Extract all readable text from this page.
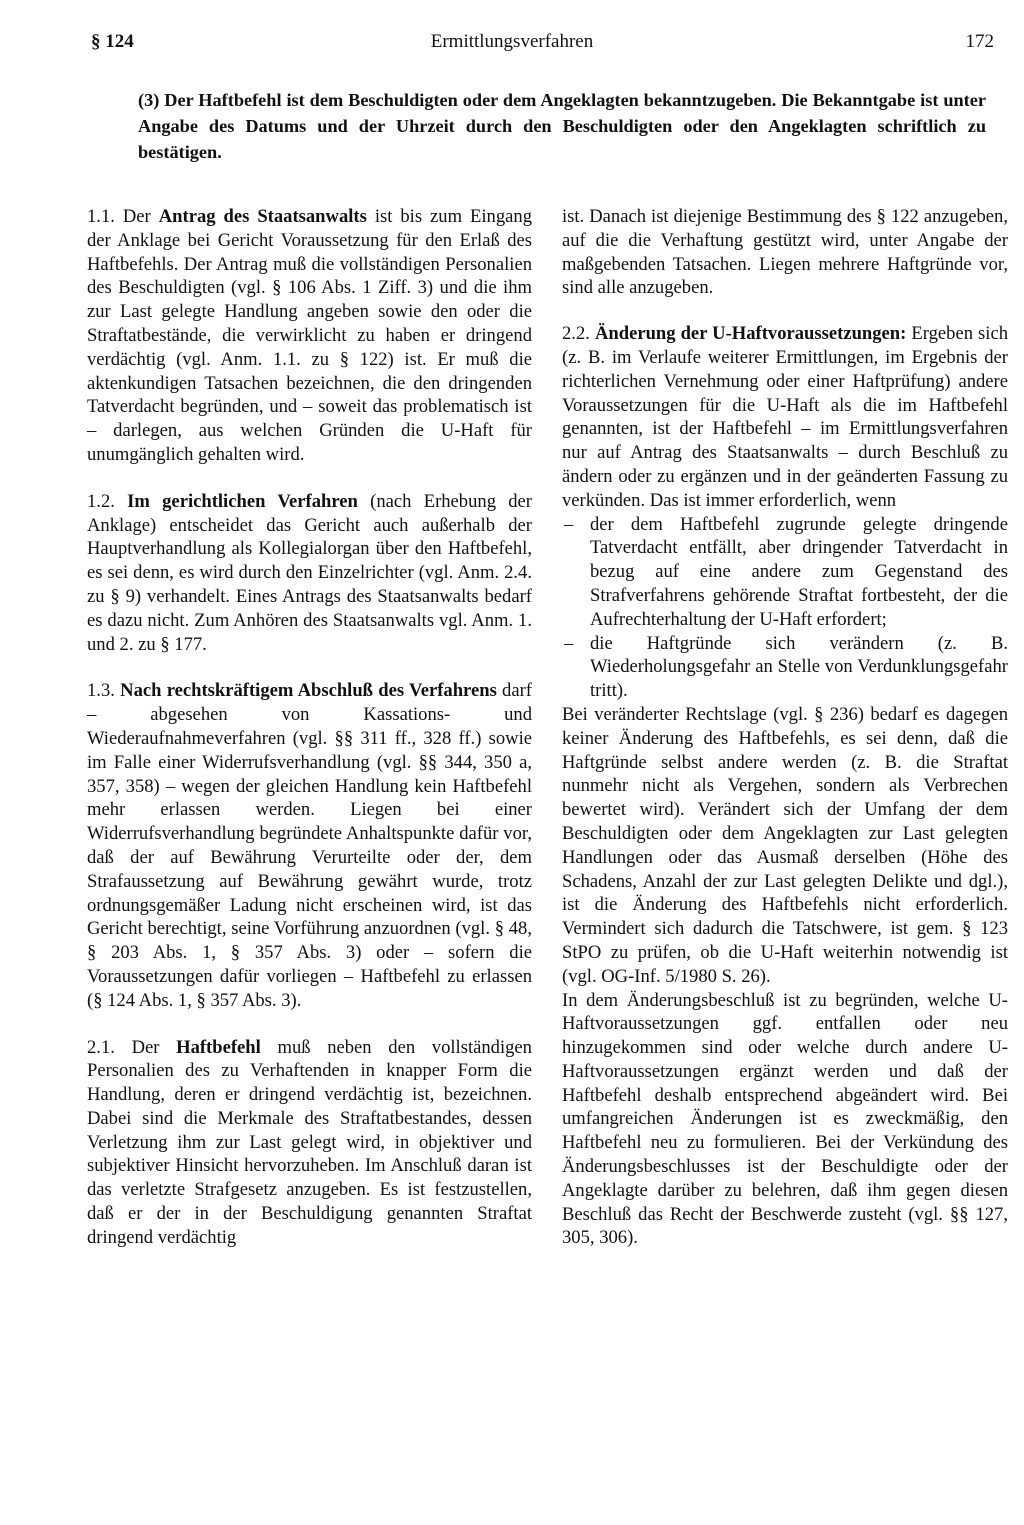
Ermittlungsverfahren
§ 124	172

(3) Der Haftbefehl ist dem Beschuldigten oder dem Angeklagten bekanntzugeben. Die Bekanntgabe ist unter Angabe des Datums und der Uhrzeit durch den Beschuldigten oder den Angeklagten schriftlich zu bestätigen.

1.1. Der Antrag des Staatsanwalts ist bis zum Eingang der Anklage bei Gericht Voraussetzung für den Erlaß des Haftbefehls. Der Antrag muß die vollständigen Personalien des Beschuldigten (vgl. § 106 Abs. 1 Ziff. 3) und die ihm zur Last gelegte Handlung angeben sowie den oder die Straftatbestände, die verwirklicht zu haben er dringend verdächtig (vgl. Anm. 1.1. zu § 122) ist. Er muß die aktenkundigen Tatsachen bezeichnen, die den dringenden Tatverdacht begründen, und – soweit das problematisch ist – darlegen, aus welchen Gründen die U-Haft für unumgänglich gehalten wird.

1.2. Im gerichtlichen Verfahren (nach Erhebung der Anklage) entscheidet das Gericht auch außerhalb der Hauptverhandlung als Kollegialorgan über den Haftbefehl, es sei denn, es wird durch den Einzelrichter (vgl. Anm. 2.4. zu § 9) verhandelt. Eines Antrags des Staatsanwalts bedarf es dazu nicht. Zum Anhören des Staatsanwalts vgl. Anm. 1. und 2. zu § 177.

1.3. Nach rechtskräftigem Abschluß des Verfahrens darf – abgesehen von Kassations- und Wiederaufnahmeverfahren (vgl. §§ 311 ff., 328 ff.) sowie im Falle einer Widerrufsverhandlung (vgl. §§ 344, 350 a, 357, 358) – wegen der gleichen Handlung kein Haftbefehl mehr erlassen werden. Liegen bei einer Widerrufsverhandlung begründete Anhaltspunkte dafür vor, daß der auf Bewährung Verurteilte oder der, dem Strafaussetzung auf Bewährung gewährt wurde, trotz ordnungsgemäßer Ladung nicht erscheinen wird, ist das Gericht berechtigt, seine Vorführung anzuordnen (vgl. § 48, § 203 Abs. 1, § 357 Abs. 3) oder – sofern die Voraussetzungen dafür vorliegen – Haftbefehl zu erlassen (§ 124 Abs. 1, § 357 Abs. 3).

2.1. Der Haftbefehl muß neben den vollständigen Personalien des zu Verhaftenden in knapper Form die Handlung, deren er dringend verdächtig ist, bezeichnen. Dabei sind die Merkmale des Straftatbestandes, dessen Verletzung ihm zur Last gelegt wird, in objektiver und subjektiver Hinsicht hervorzuheben. Im Anschluß daran ist das verletzte Strafgesetz anzugeben. Es ist festzustellen, daß er der in der Beschuldigung genannten Straftat dringend verdächtig

ist. Danach ist diejenige Bestimmung des § 122 anzugeben, auf die die Verhaftung gestützt wird, unter Angabe der maßgebenden Tatsachen. Liegen mehrere Haftgründe vor, sind alle anzugeben.

2.2. Änderung der U-Haftvoraussetzungen: Ergeben sich (z. B. im Verlaufe weiterer Ermittlungen, im Ergebnis der richterlichen Vernehmung oder einer Haftprüfung) andere Voraussetzungen für die U-Haft als die im Haftbefehl genannten, ist der Haftbefehl – im Ermittlungsverfahren nur auf Antrag des Staatsanwalts – durch Beschluß zu ändern oder zu ergänzen und in der geänderten Fassung zu verkünden. Das ist immer erforderlich, wenn

– der dem Haftbefehl zugrunde gelegte dringende Tatverdacht entfällt, aber dringender Tatverdacht in bezug auf eine andere zum Gegenstand des Strafverfahrens gehörende Straftat fortbesteht, der die Aufrechterhaltung der U-Haft erfordert;
– die Haftgründe sich verändern (z. B. Wiederholungsgefahr an Stelle von Verdunklungsgefahr tritt).

Bei veränderter Rechtslage (vgl. § 236) bedarf es dagegen keiner Änderung des Haftbefehls, es sei denn, daß die Haftgründe selbst andere werden (z. B. die Straftat nunmehr nicht als Vergehen, sondern als Verbrechen bewertet wird). Verändert sich der Umfang der dem Beschuldigten oder dem Angeklagten zur Last gelegten Handlungen oder das Ausmaß derselben (Höhe des Schadens, Anzahl der zur Last gelegten Delikte und dgl.), ist die Änderung des Haftbefehls nicht erforderlich. Vermindert sich dadurch die Tatschwere, ist gem. § 123 StPO zu prüfen, ob die U-Haft weiterhin notwendig ist (vgl. OG-Inf. 5/1980 S. 26).

In dem Änderungsbeschluß ist zu begründen, welche U-Haftvoraussetzungen ggf. entfallen oder neu hinzugekommen sind oder welche durch andere U-Haftvoraussetzungen ergänzt werden und daß der Haftbefehl deshalb entsprechend abgeändert wird. Bei umfangreichen Änderungen ist es zweckmäßig, den Haftbefehl neu zu formulieren. Bei der Verkündung des Änderungsbeschlusses ist der Beschuldigte oder der Angeklagte darüber zu belehren, daß ihm gegen diesen Beschluß das Recht der Beschwerde zusteht (vgl. §§ 127, 305, 306).
